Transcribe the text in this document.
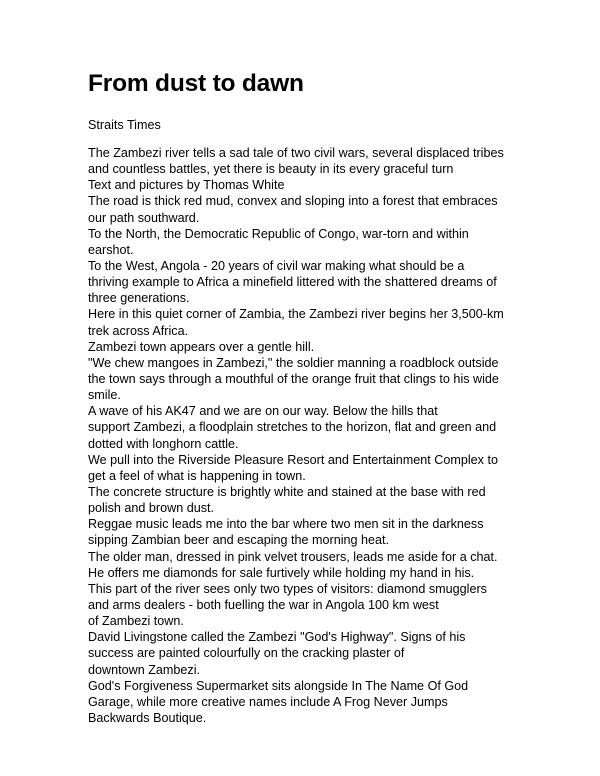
From dust to dawn
Straits Times
The Zambezi river tells a sad tale of two civil wars, several displaced tribes
and countless battles, yet there is beauty in its every graceful turn
Text and pictures by Thomas White
The road is thick red mud, convex and sloping into a forest that embraces
our path southward.
To the North, the Democratic Republic of Congo, war-torn and within
earshot.
To the West, Angola - 20 years of civil war making what should be a
thriving example to Africa a minefield littered with the shattered dreams of
three generations.
Here in this quiet corner of Zambia, the Zambezi river begins her 3,500-km
trek across Africa.
Zambezi town appears over a gentle hill.
"We chew mangoes in Zambezi," the soldier manning a roadblock outside
the town says through a mouthful of the orange fruit that clings to his wide
smile.
A wave of his AK47 and we are on our way. Below the hills that
support Zambezi, a floodplain stretches to the horizon, flat and green and
dotted with longhorn cattle.
We pull into the Riverside Pleasure Resort and Entertainment Complex to
get a feel of what is happening in town.
The concrete structure is brightly white and stained at the base with red
polish and brown dust.
Reggae music leads me into the bar where two men sit in the darkness
sipping Zambian beer and escaping the morning heat.
The older man, dressed in pink velvet trousers, leads me aside for a chat.
He offers me diamonds for sale furtively while holding my hand in his.
This part of the river sees only two types of visitors: diamond smugglers
and arms dealers - both fuelling the war in Angola 100 km west
of Zambezi town.
David Livingstone called the Zambezi "God's Highway". Signs of his
success are painted colourfully on the cracking plaster of
downtown Zambezi.
God's Forgiveness Supermarket sits alongside In The Name Of God
Garage, while more creative names include A Frog Never Jumps
Backwards Boutique.
